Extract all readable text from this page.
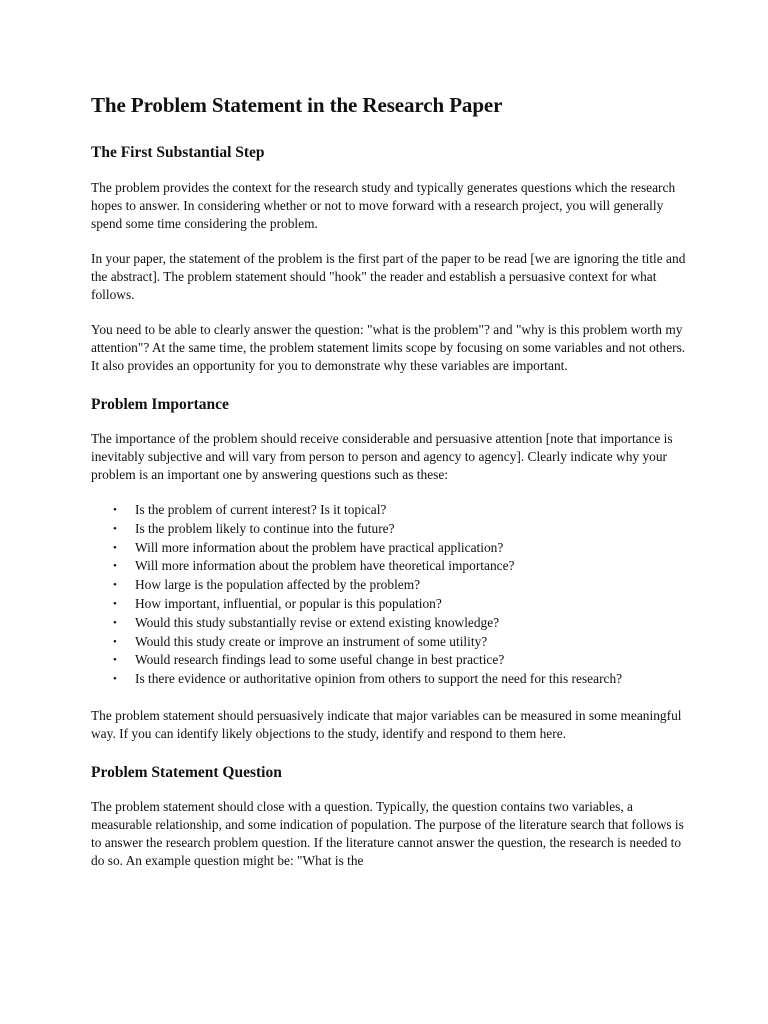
The Problem Statement in the Research Paper
The First Substantial Step

The problem provides the context for the research study and typically generates questions which the research hopes to answer. In considering whether or not to move forward with a research project, you will generally spend some time considering the problem.

In your paper, the statement of the problem is the first part of the paper to be read [we are ignoring the title and the abstract]. The problem statement should "hook" the reader and establish a persuasive context for what follows.

You need to be able to clearly answer the question: "what is the problem"? and "why is this problem worth my attention"? At the same time, the problem statement limits scope by focusing on some variables and not others. It also provides an opportunity for you to demonstrate why these variables are important.

Problem Importance

The importance of the problem should receive considerable and persuasive attention [note that importance is inevitably subjective and will vary from person to person and agency to agency]. Clearly indicate why your problem is an important one by answering questions such as these:

• Is the problem of current interest? Is it topical?
• Is the problem likely to continue into the future?
• Will more information about the problem have practical application?
• Will more information about the problem have theoretical importance?
• How large is the population affected by the problem?
• How important, influential, or popular is this population?
• Would this study substantially revise or extend existing knowledge?
• Would this study create or improve an instrument of some utility?
• Would research findings lead to some useful change in best practice?
• Is there evidence or authoritative opinion from others to support the need for this research?

The problem statement should persuasively indicate that major variables can be measured in some meaningful way. If you can identify likely objections to the study, identify and respond to them here.

Problem Statement Question

The problem statement should close with a question. Typically, the question contains two variables, a measurable relationship, and some indication of population. The purpose of the literature search that follows is to answer the research problem question. If the literature cannot answer the question, the research is needed to do so. An example question might be: "What is the
